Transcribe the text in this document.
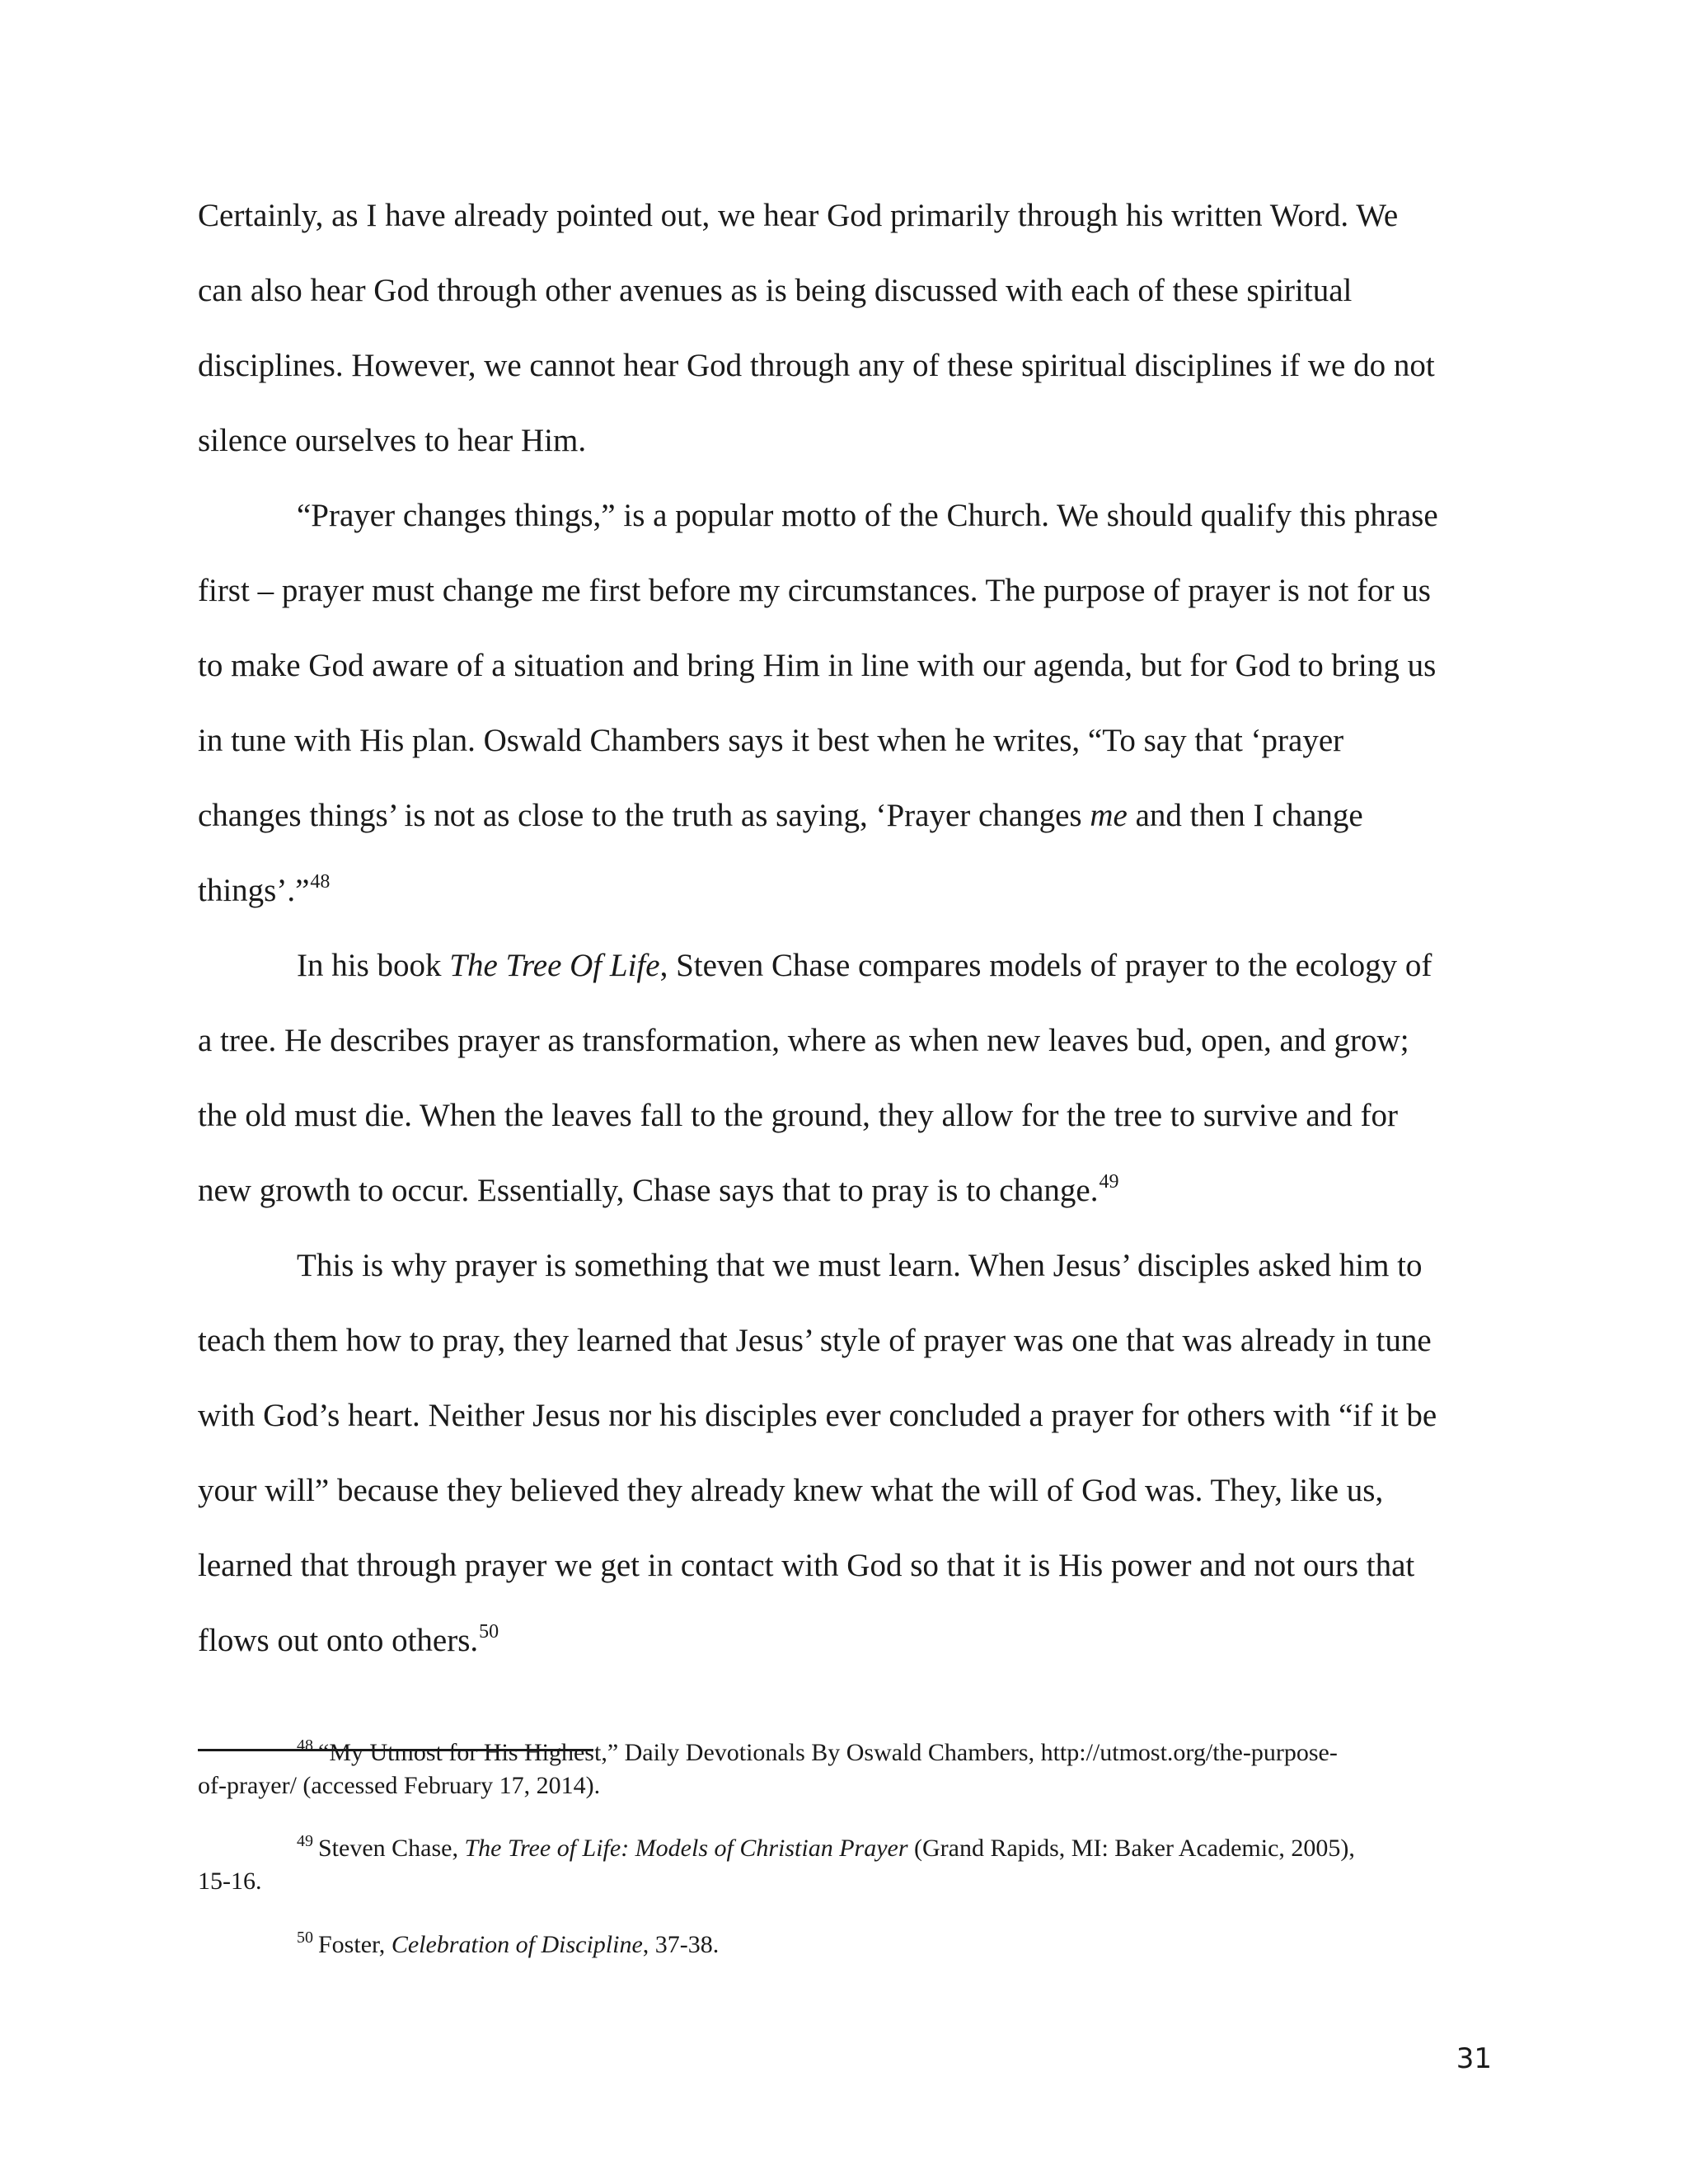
Certainly, as I have already pointed out, we hear God primarily through his written Word. We
can also hear God through other avenues as is being discussed with each of these spiritual
disciplines. However, we cannot hear God through any of these spiritual disciplines if we do not
silence ourselves to hear Him.
“Prayer changes things,” is a popular motto of the Church. We should qualify this phrase
first – prayer must change me first before my circumstances. The purpose of prayer is not for us
to make God aware of a situation and bring Him in line with our agenda, but for God to bring us
in tune with His plan. Oswald Chambers says it best when he writes, “To say that ‘prayer
changes things’ is not as close to the truth as saying, ‘Prayer changes me and then I change
things’.”$^{48}$
In his book The Tree Of Life, Steven Chase compares models of prayer to the ecology of
a tree. He describes prayer as transformation, where as when new leaves bud, open, and grow;
the old must die. When the leaves fall to the ground, they allow for the tree to survive and for
new growth to occur. Essentially, Chase says that to pray is to change.$^{49}$
This is why prayer is something that we must learn. When Jesus’ disciples asked him to
teach them how to pray, they learned that Jesus’ style of prayer was one that was already in tune
with God’s heart. Neither Jesus nor his disciples ever concluded a prayer for others with “if it be
your will” because they believed they already knew what the will of God was. They, like us,
learned that through prayer we get in contact with God so that it is His power and not ours that
flows out onto others.$^{50}$
$^{48}$ “My Utmost for His Highest,” Daily Devotionals By Oswald Chambers, http://utmost.org/the-purpose-
of-prayer/ (accessed February 17, 2014).
$^{49}$ Steven Chase, The Tree of Life: Models of Christian Prayer (Grand Rapids, MI: Baker Academic, 2005),
15-16.
$^{50}$ Foster, Celebration of Discipline, 37-38.
31
